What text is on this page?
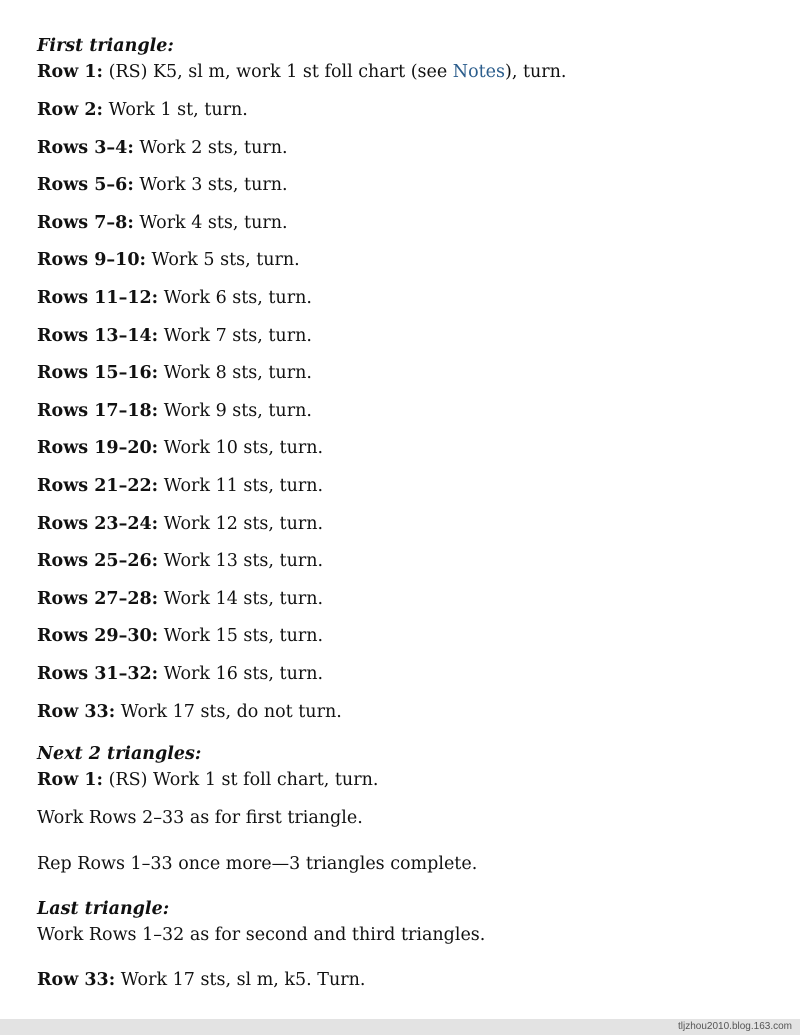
First triangle:
Row 1: (RS) K5, sl m, work 1 st foll chart (see Notes), turn.
Row 2: Work 1 st, turn.
Rows 3–4: Work 2 sts, turn.
Rows 5–6: Work 3 sts, turn.
Rows 7–8: Work 4 sts, turn.
Rows 9–10: Work 5 sts, turn.
Rows 11–12: Work 6 sts, turn.
Rows 13–14: Work 7 sts, turn.
Rows 15–16: Work 8 sts, turn.
Rows 17–18: Work 9 sts, turn.
Rows 19–20: Work 10 sts, turn.
Rows 21–22: Work 11 sts, turn.
Rows 23–24: Work 12 sts, turn.
Rows 25–26: Work 13 sts, turn.
Rows 27–28: Work 14 sts, turn.
Rows 29–30: Work 15 sts, turn.
Rows 31–32: Work 16 sts, turn.
Row 33: Work 17 sts, do not turn.
Next 2 triangles:
Row 1: (RS) Work 1 st foll chart, turn.
Work Rows 2–33 as for first triangle.
Rep Rows 1–33 once more—3 triangles complete.
Last triangle:
Work Rows 1–32 as for second and third triangles.
Row 33: Work 17 sts, sl m, k5. Turn.
tljzhou2010.blog.163.com
